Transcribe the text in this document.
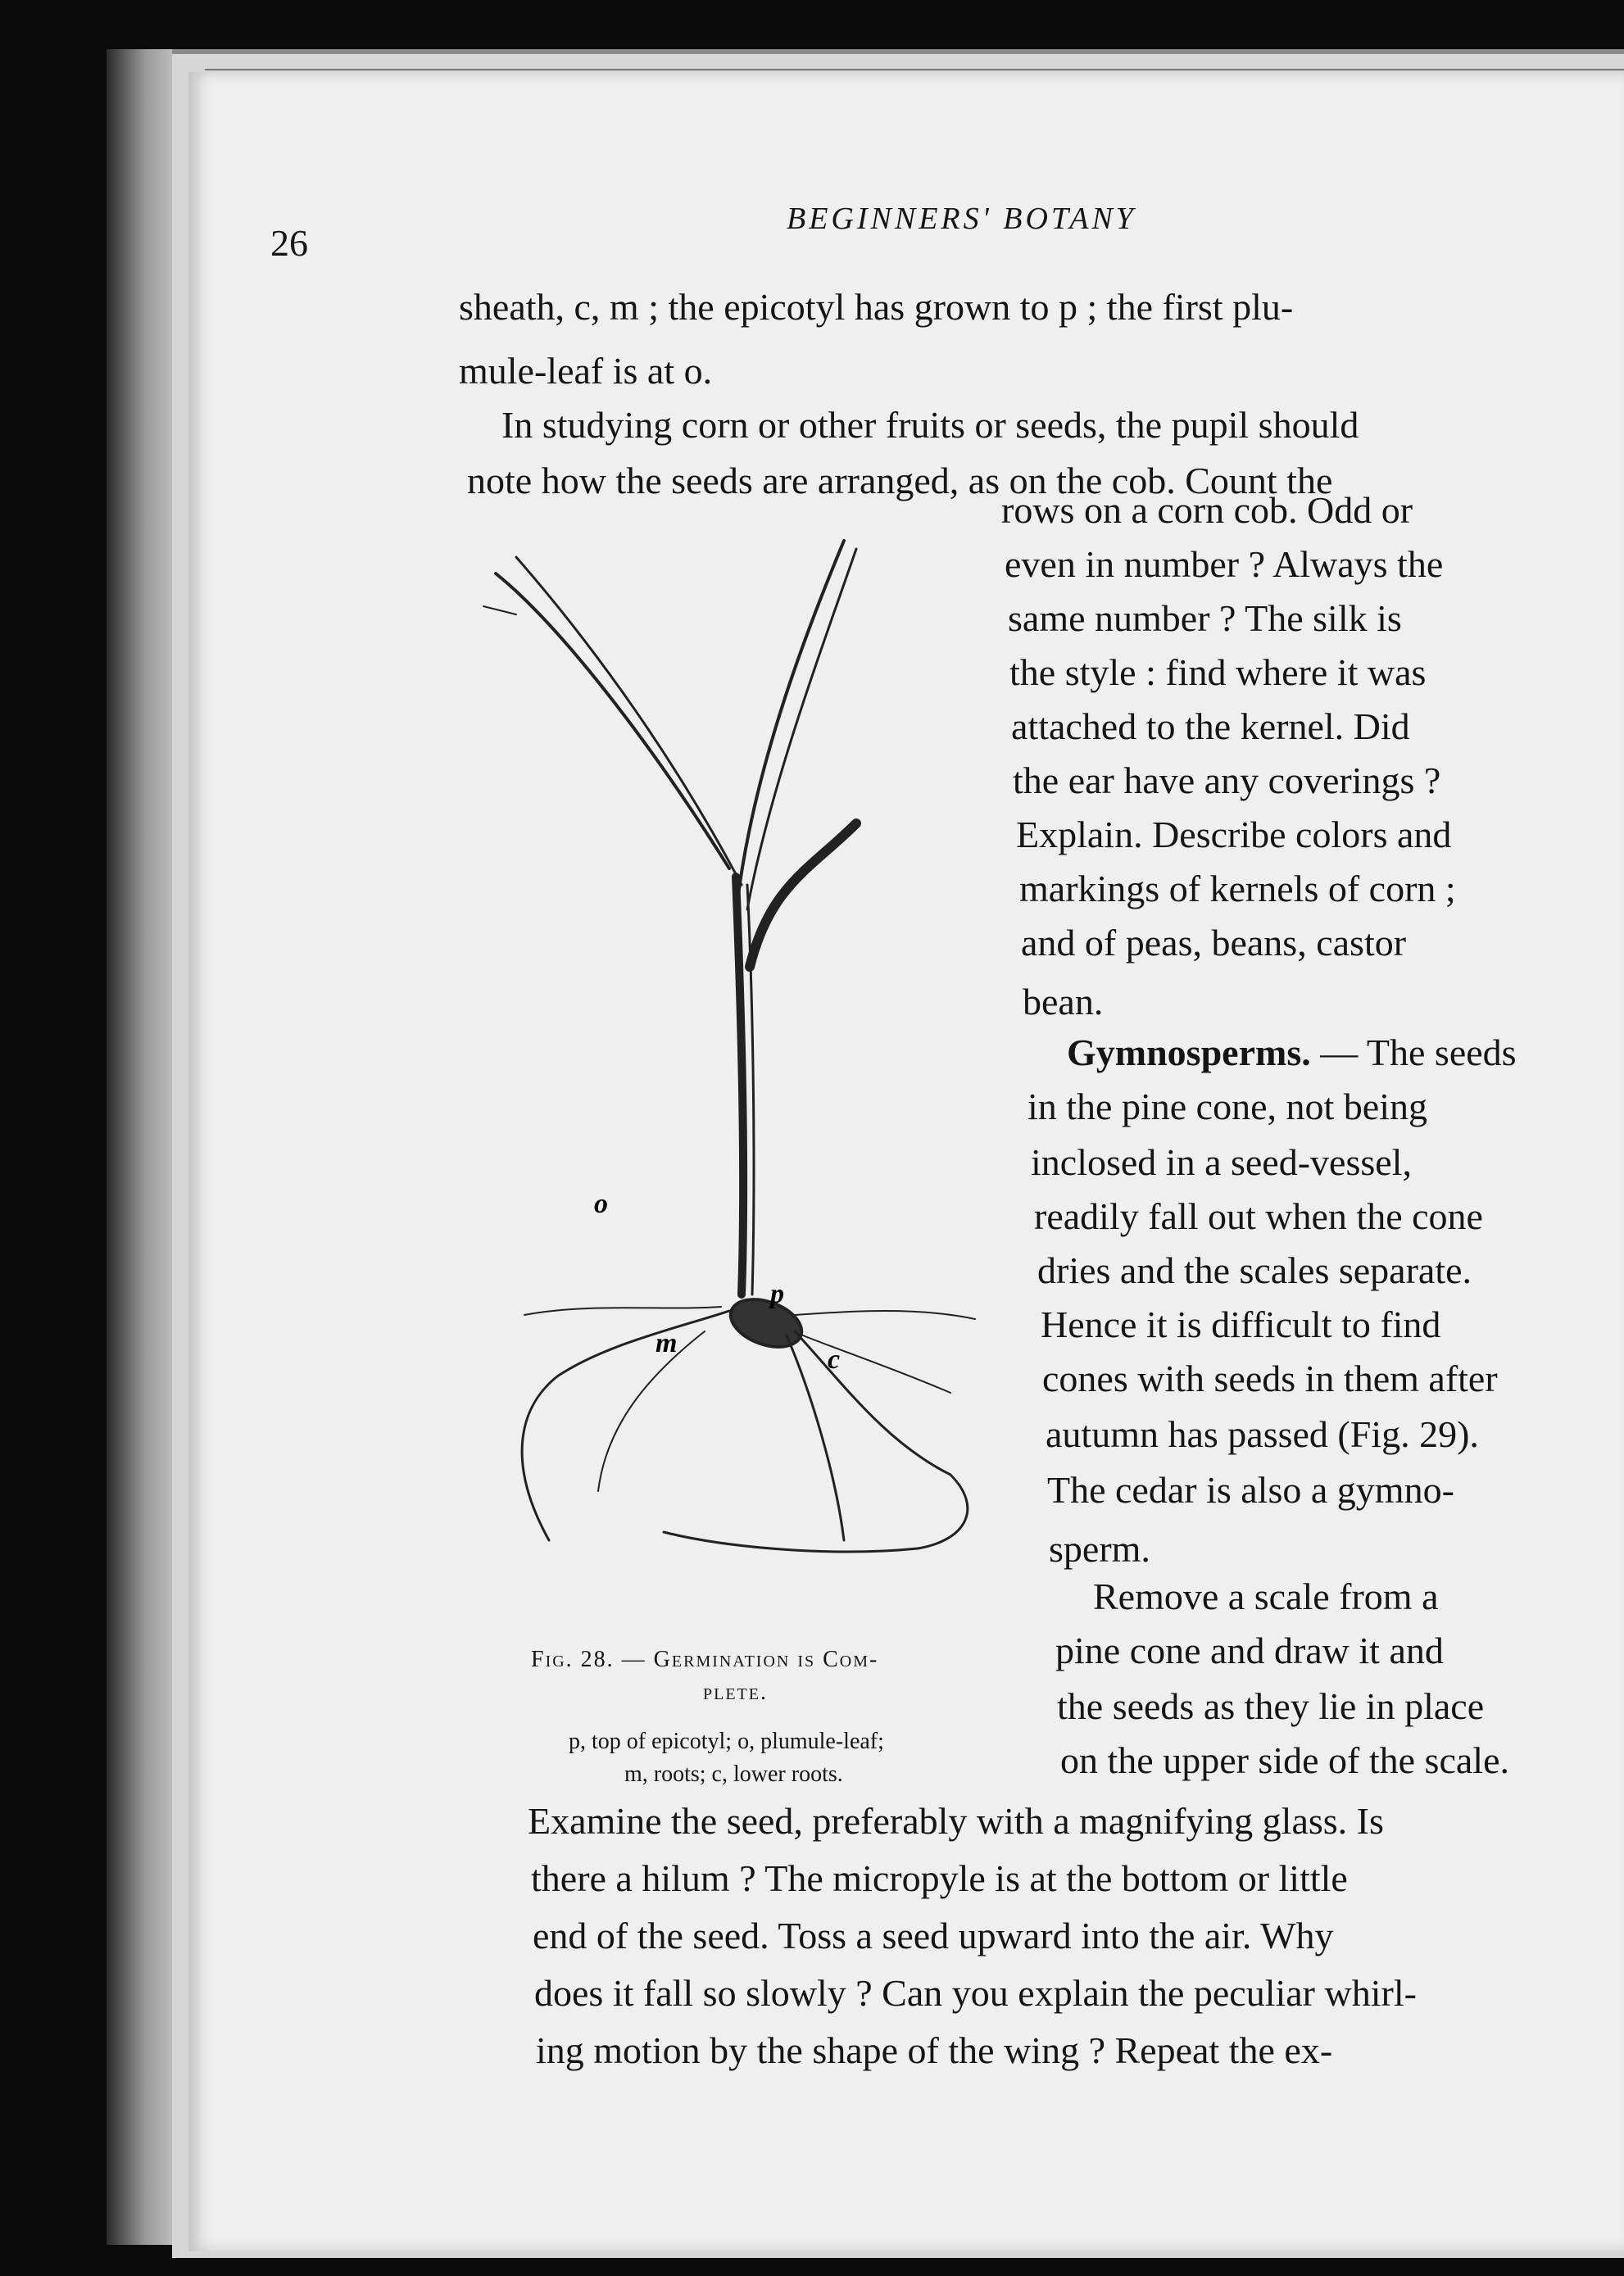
26
BEGINNERS' BOTANY
sheath, c, m ; the epicotyl has grown to p ; the first plu-
mule-leaf is at o.
In studying corn or other fruits or seeds, the pupil should
note how the seeds are arranged, as on the cob. Count the
rows on a corn cob. Odd or
even in number ? Always the
same number ? The silk is
the style : find where it was
attached to the kernel. Did
the ear have any coverings ?
Explain. Describe colors and
markings of kernels of corn ;
and of peas, beans, castor
bean.
Gymnosperms. — The seeds
in the pine cone, not being
inclosed in a seed-vessel,
readily fall out when the cone
dries and the scales separate.
Hence it is difficult to find
cones with seeds in them after
autumn has passed (Fig. 29).
The cedar is also a gymno-
sperm.
Remove a scale from a
pine cone and draw it and
the seeds as they lie in place
on the upper side of the scale.
Examine the seed, preferably with a magnifying glass. Is
there a hilum ? The micropyle is at the bottom or little
end of the seed. Toss a seed upward into the air. Why
does it fall so slowly ? Can you explain the peculiar whirl-
ing motion by the shape of the wing ? Repeat the ex-
o
p
m
c
Fig. 28. — Germination is Com-
plete.
p, top of epicotyl; o, plumule-leaf;
m, roots; c, lower roots.
